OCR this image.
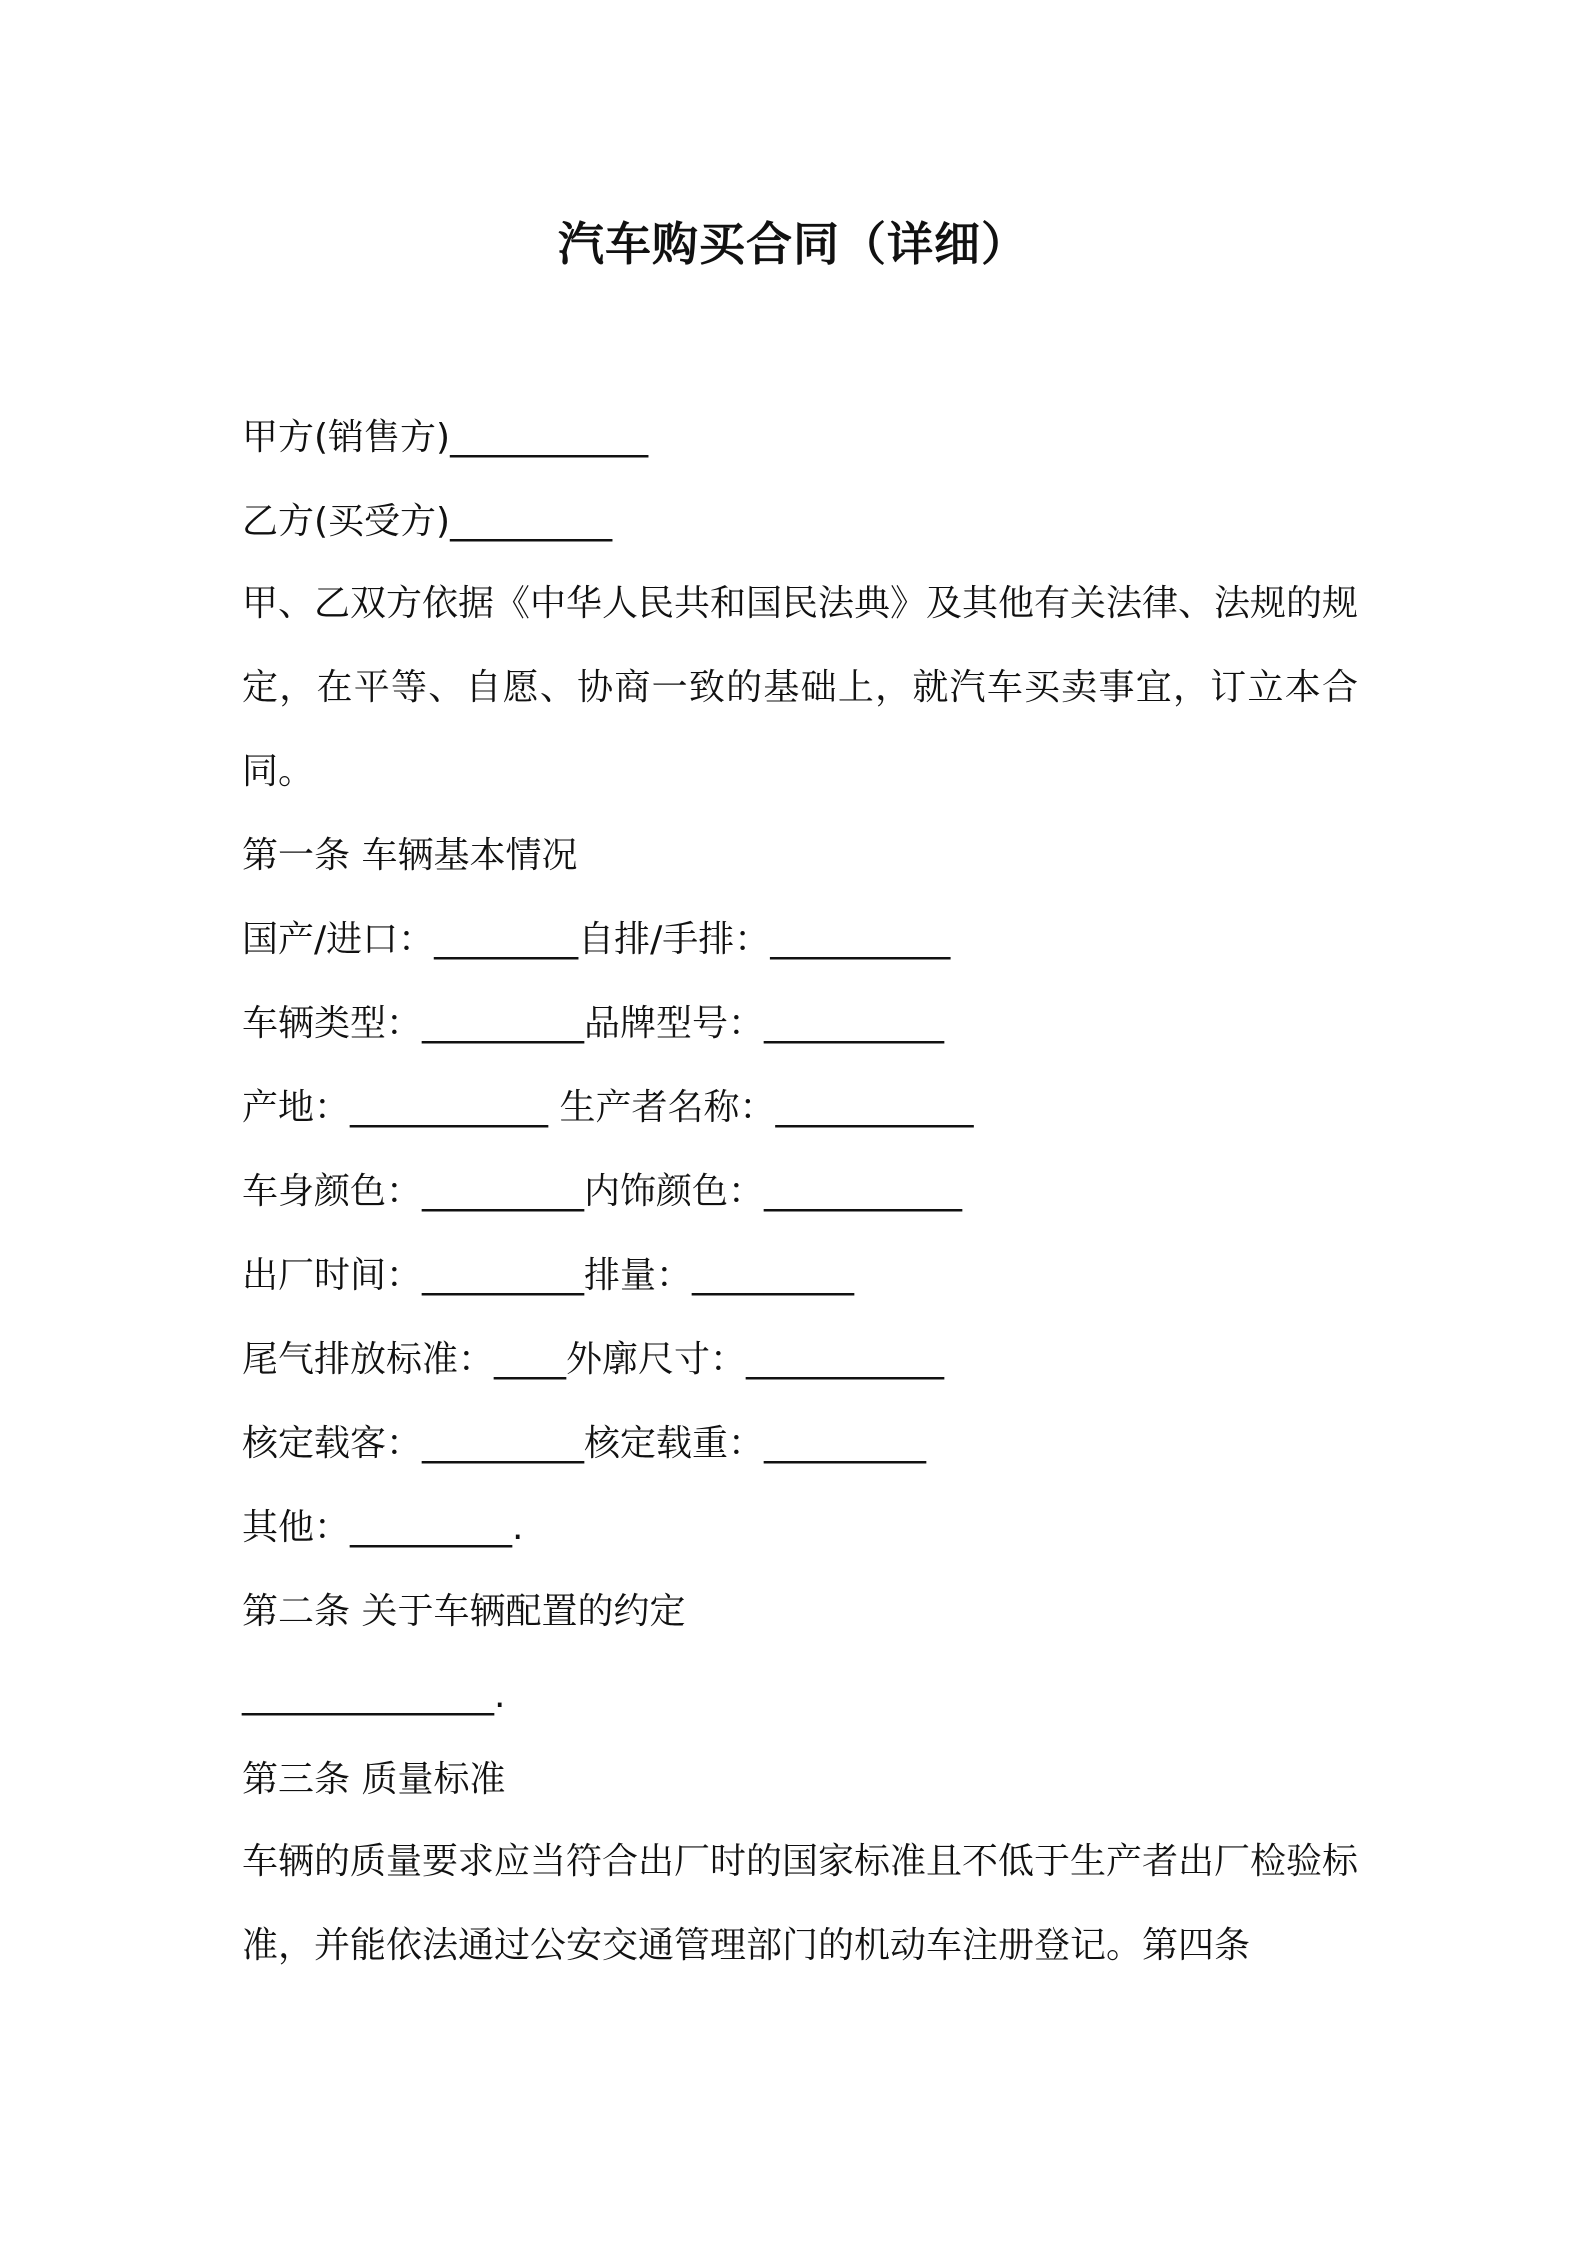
汽车购买合同（详细）
甲方(销售方)___________
乙方(买受方)_________
甲、乙双方依据《中华人民共和国民法典》及其他有关法律、法规的规定，在平等、自愿、协商一致的基础上，就汽车买卖事宜，订立本合同。
第一条 车辆基本情况
国产/进口：________自排/手排：__________
车辆类型：_________品牌型号：__________
产地：___________ 生产者名称：___________
车身颜色：_________内饰颜色：___________
出厂时间：_________排量：_________
尾气排放标准：____外廓尺寸：___________
核定载客：_________核定载重：_________
其他：_________.
第二条 关于车辆配置的约定
______________.
第三条 质量标准
车辆的质量要求应当符合出厂时的国家标准且不低于生产者出厂检验标准，并能依法通过公安交通管理部门的机动车注册登记。第四条
